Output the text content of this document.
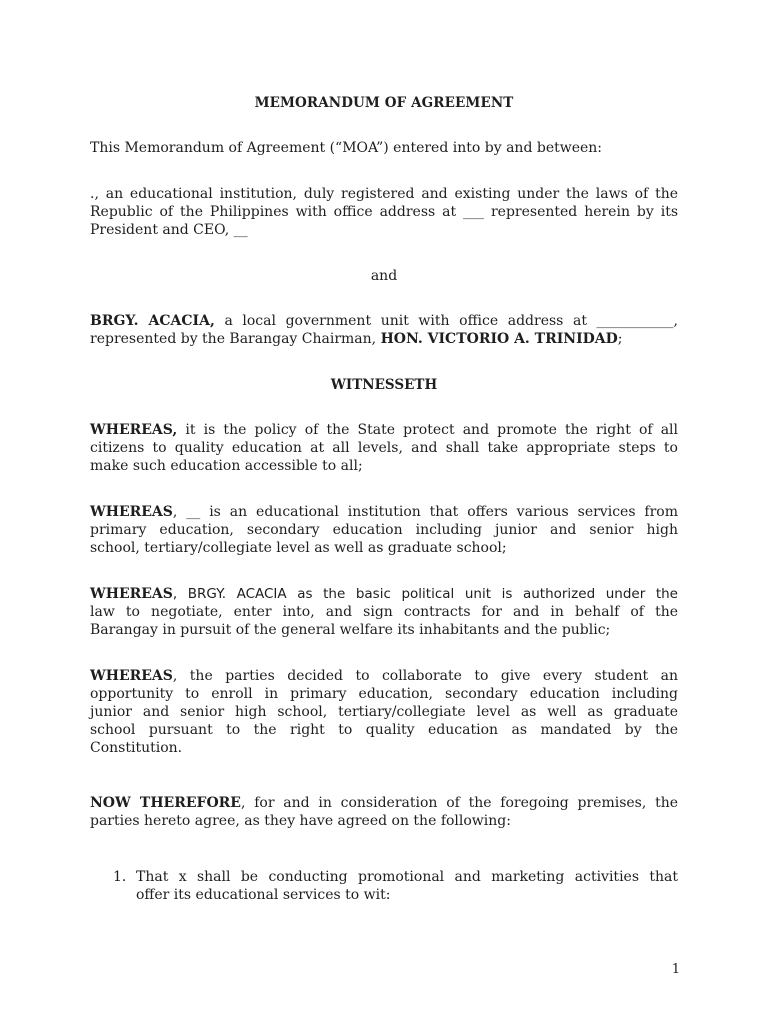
MEMORANDUM OF AGREEMENT
This Memorandum of Agreement (“MOA”) entered into by and between:
., an educational institution, duly registered and existing under the laws of the
Republic of the Philippines with office address at ___ represented herein by its
President and CEO, __
and
BRGY. ACACIA, a local government unit with office address at ___________,
represented by the Barangay Chairman, HON. VICTORIO A. TRINIDAD;
WITNESSETH
WHEREAS, it is the policy of the State protect and promote the right of all
citizens to quality education at all levels, and shall take appropriate steps to
make such education accessible to all;
WHEREAS, __ is an educational institution that offers various services from
primary education, secondary education including junior and senior high
school, tertiary/collegiate level as well as graduate school;
WHEREAS, BRGY. ACACIA as the basic political unit is authorized under the
law to negotiate, enter into, and sign contracts for and in behalf of the
Barangay in pursuit of the general welfare its inhabitants and the public;
WHEREAS, the parties decided to collaborate to give every student an
opportunity to enroll in primary education, secondary education including
junior and senior high school, tertiary/collegiate level as well as graduate
school pursuant to the right to quality education as mandated by the
Constitution.
NOW THEREFORE, for and in consideration of the foregoing premises, the
parties hereto agree, as they have agreed on the following:
1. That x shall be conducting promotional and marketing activities that
offer its educational services to wit:
1
